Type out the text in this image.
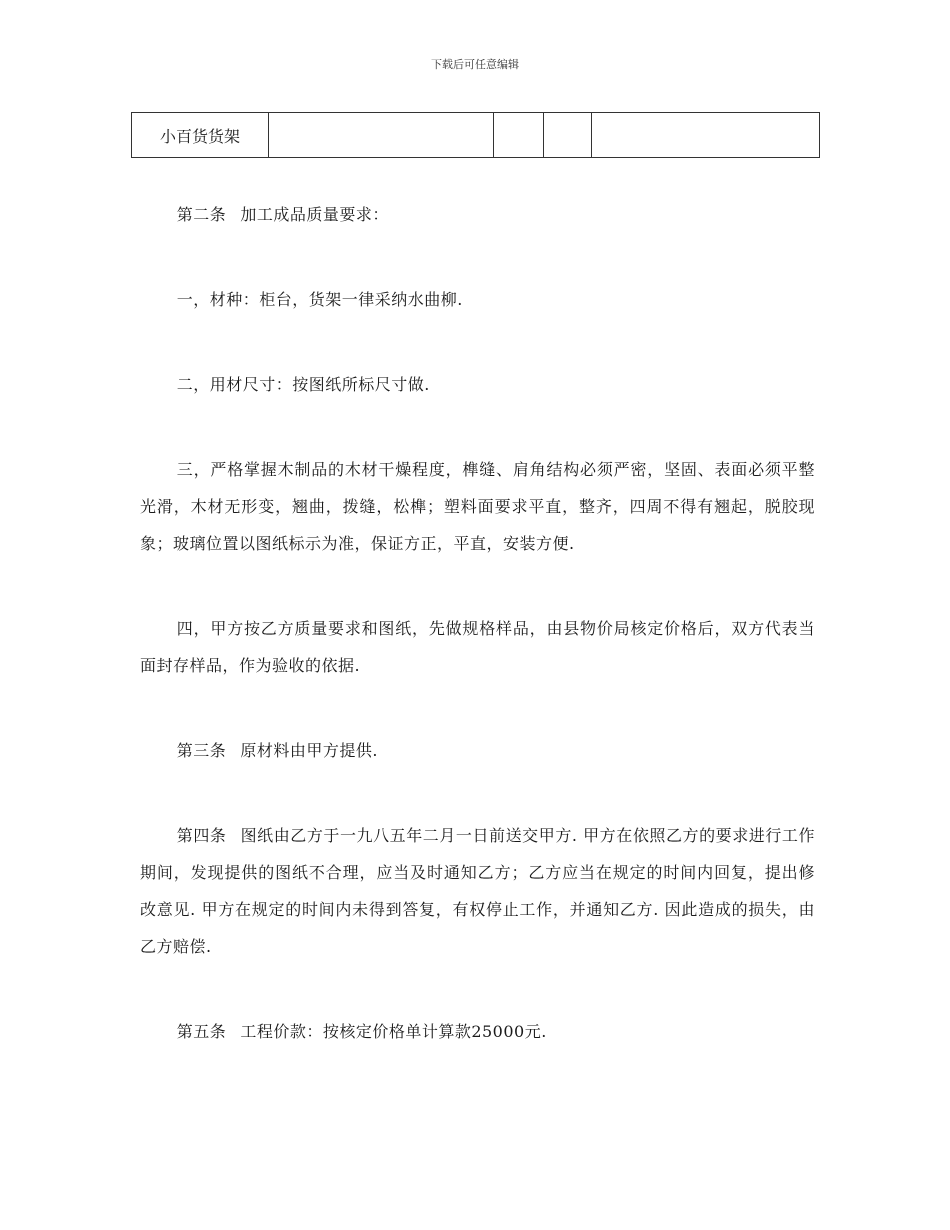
下载后可任意编辑
小百货货架				

第二条 加工成品质量要求：

一，材种：柜台，货架一律采纳水曲柳.

二，用材尺寸：按图纸所标尺寸做.

三，严格掌握木制品的木材干燥程度，榫缝、肩角结构必须严密，坚固、表面必须平整光滑，木材无形变，翘曲，拨缝，松榫；塑料面要求平直，整齐，四周不得有翘起，脱胶现象；玻璃位置以图纸标示为准，保证方正，平直，安装方便.

四，甲方按乙方质量要求和图纸，先做规格样品，由县物价局核定价格后，双方代表当面封存样品，作为验收的依据.

第三条 原材料由甲方提供.

第四条 图纸由乙方于一九八五年二月一日前送交甲方. 甲方在依照乙方的要求进行工作期间，发现提供的图纸不合理，应当及时通知乙方；乙方应当在规定的时间内回复，提出修改意见. 甲方在规定的时间内未得到答复，有权停止工作，并通知乙方. 因此造成的损失，由乙方赔偿.

第五条 工程价款：按核定价格单计算款25000元.
